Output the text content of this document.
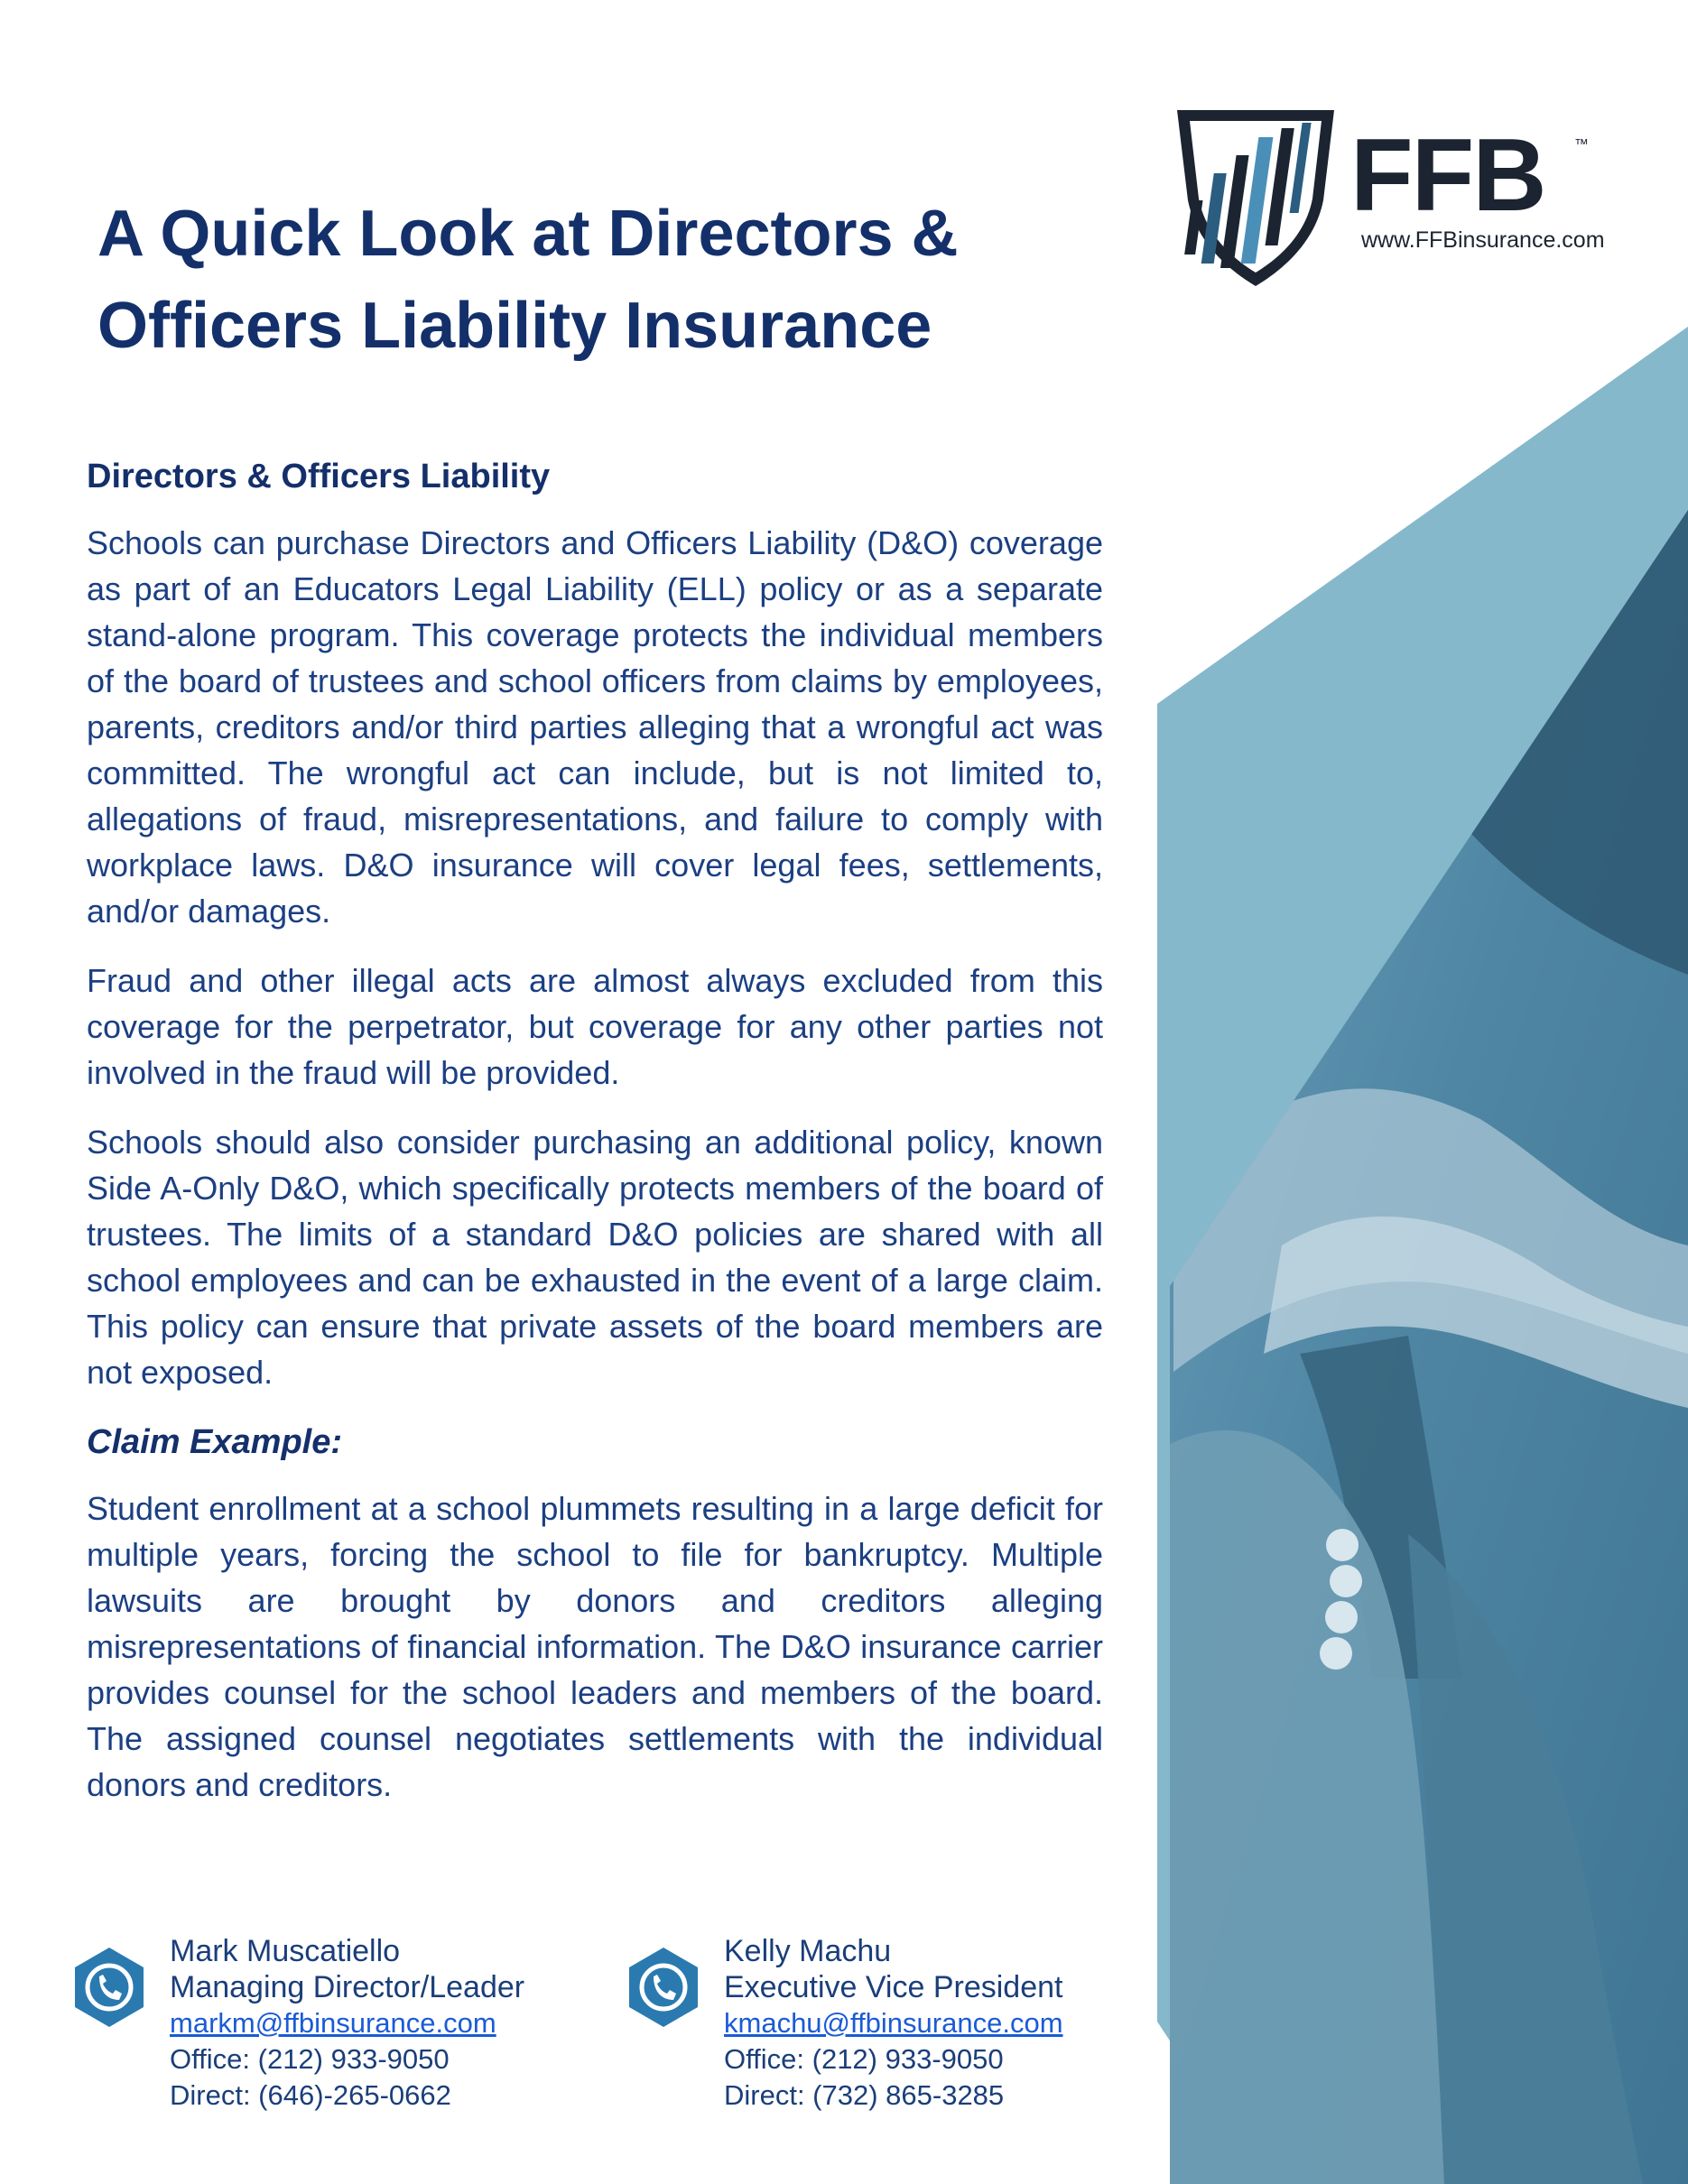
FFB ™
www.FFBinsurance.com
A Quick Look at Directors &
Officers Liability Insurance
Directors & Officers Liability

Schools can purchase Directors and Officers Liability (D&O) coverage as part of an Educators Legal Liability (ELL) policy or as a separate stand-alone program. This coverage protects the individual members of the board of trustees and school officers from claims by employees, parents, creditors and/or third parties alleging that a wrongful act was committed. The wrongful act can include, but is not limited to, allegations of fraud, misrepresentations, and failure to comply with workplace laws. D&O insurance will cover legal fees, settlements, and/or damages.

Fraud and other illegal acts are almost always excluded from this coverage for the perpetrator, but coverage for any other parties not involved in the fraud will be provided.

Schools should also consider purchasing an additional policy, known Side A-Only D&O, which specifically protects members of the board of trustees. The limits of a standard D&O policies are shared with all school employees and can be exhausted in the event of a large claim. This policy can ensure that private assets of the board members are not exposed.

Claim Example:

Student enrollment at a school plummets resulting in a large deficit for multiple years, forcing the school to file for bankruptcy. Multiple lawsuits are brought by donors and creditors alleging misrepresentations of financial information. The D&O insurance carrier provides counsel for the school leaders and members of the board. The assigned counsel negotiates settlements with the individual donors and creditors.

Mark Muscatiello
Managing Director/Leader
markm@ffbinsurance.com
Office: (212) 933-9050
Direct: (646)-265-0662
Kelly Machu
Executive Vice President
kmachu@ffbinsurance.com
Office: (212) 933-9050
Direct: (732) 865-3285
